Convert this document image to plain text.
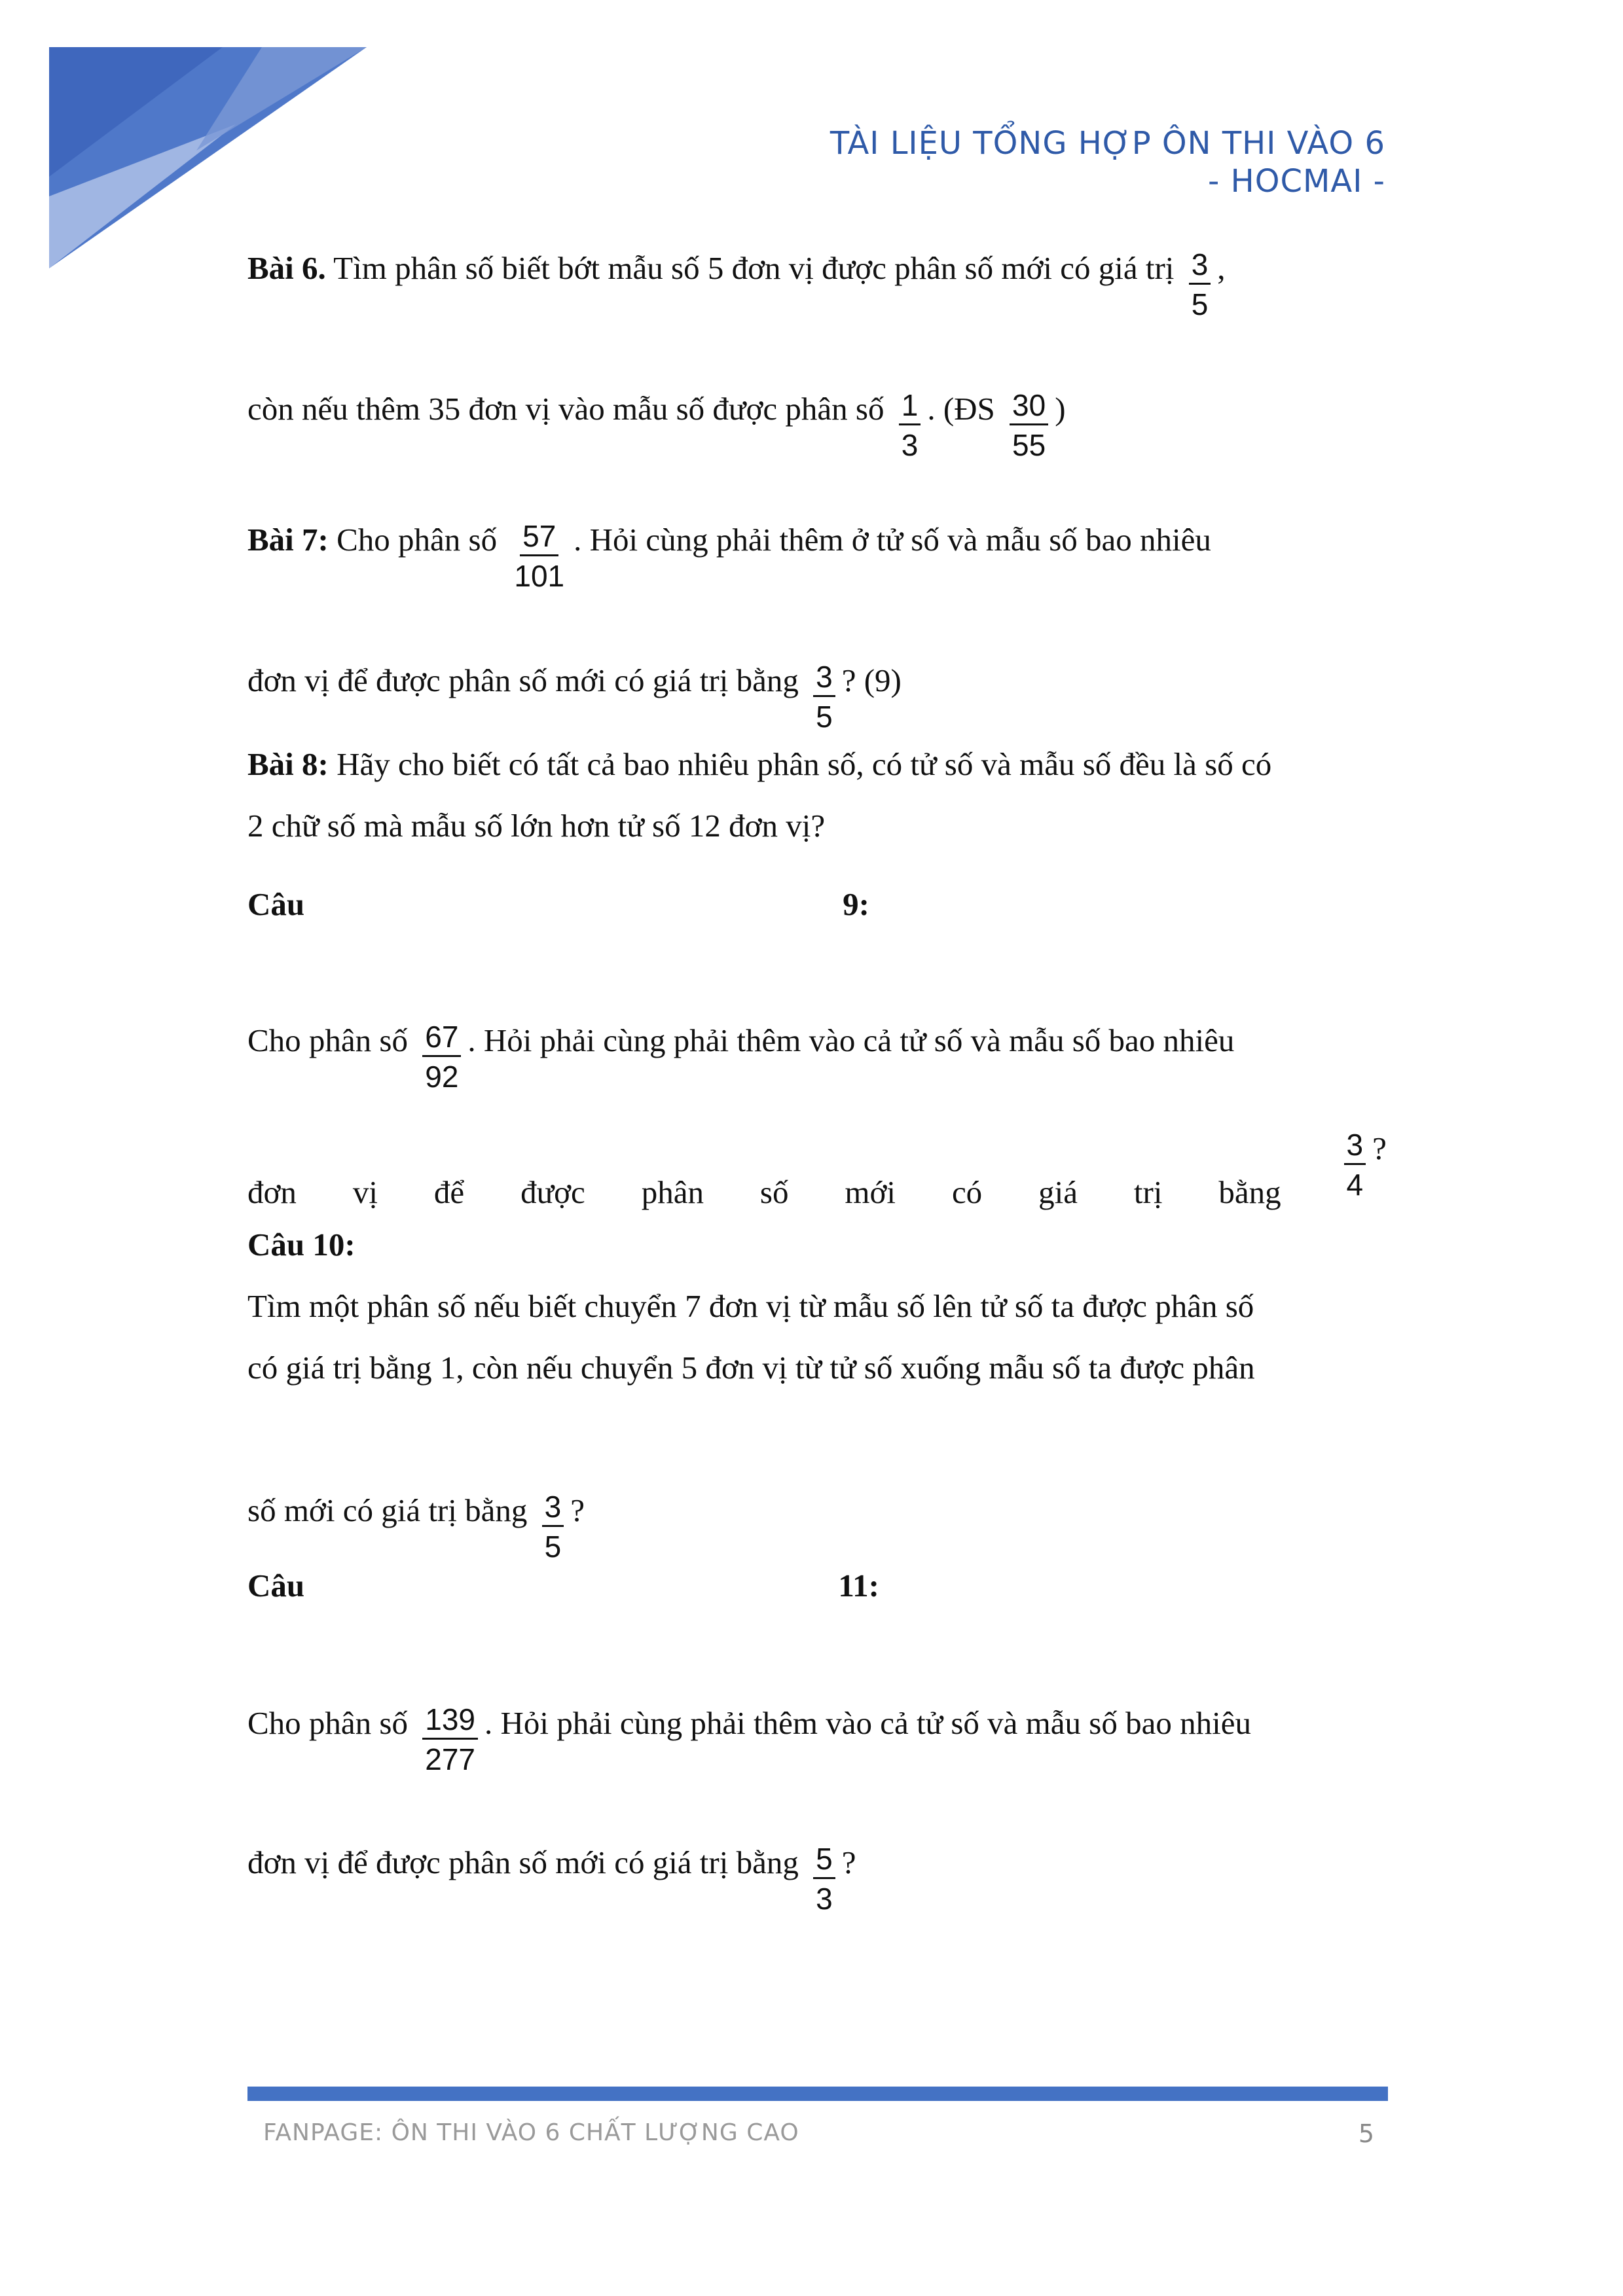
TÀI LIỆU TỔNG HỢP ÔN THI VÀO 6
- HOCMAI -
Bài 6. Tìm phân số biết bớt mẫu số 5 đơn vị được phân số mới có giá trị $\frac{3}{5}$ ,
còn nếu thêm 35 đơn vị vào mẫu số được phân số $\frac{1}{3}$ . (ĐS $\frac{30}{55}$ )
Bài 7: Cho phân số $\frac{57}{101}$ . Hỏi cùng phải thêm ở tử số và mẫu số bao nhiêu
đơn vị để được phân số mới có giá trị bằng $\frac{3}{5}$ ? (9)
Bài 8: Hãy cho biết có tất cả bao nhiêu phân số, có tử số và mẫu số đều là số có
2 chữ số mà mẫu số lớn hơn tử số 12 đơn vị?
Câu	9:
Cho phân số $\frac{67}{92}$ . Hỏi phải cùng phải thêm vào cả tử số và mẫu số bao nhiêu
đơn vị để được phân số mới có giá trị bằng $\frac{3}{4}$ ?
Câu 10:
Tìm một phân số nếu biết chuyển 7 đơn vị từ mẫu số lên tử số ta được phân số
có giá trị bằng 1, còn nếu chuyển 5 đơn vị từ tử số xuống mẫu số ta được phân
số mới có giá trị bằng $\frac{3}{5}$ ?
Câu	11:
Cho phân số $\frac{139}{277}$ . Hỏi phải cùng phải thêm vào cả tử số và mẫu số bao nhiêu
đơn vị để được phân số mới có giá trị bằng $\frac{5}{3}$ ?
FANPAGE: ÔN THI VÀO 6 CHẤT LƯỢNG CAO	5
